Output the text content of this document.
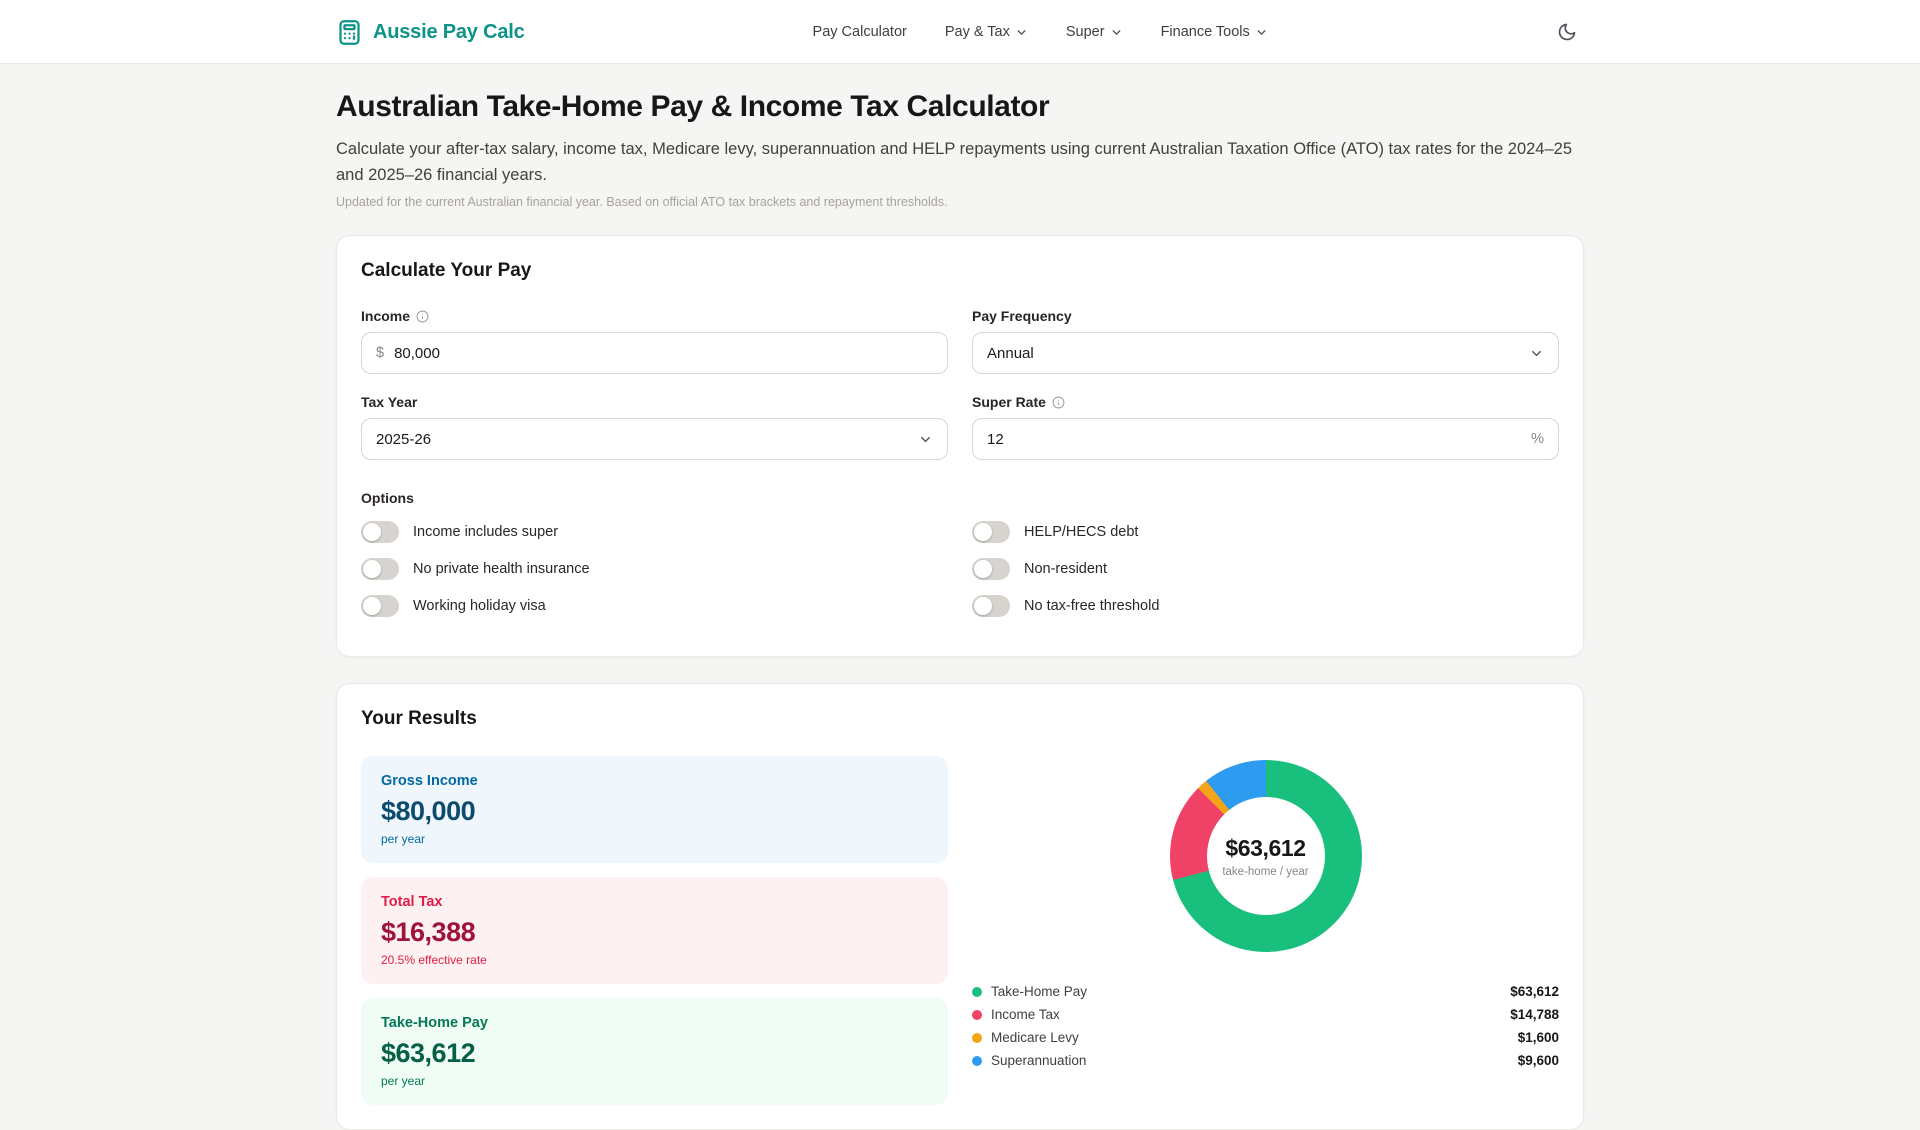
Aussie Pay Calc	Pay Calculator	Pay & Tax	Super	Finance Tools
Australian Take-Home Pay & Income Tax Calculator

Calculate your after-tax salary, income tax, Medicare levy, superannuation and HELP repayments using current Australian Taxation Office (ATO) tax rates for the 2024–25 and 2025–26 financial years.

Updated for the current Australian financial year. Based on official ATO tax brackets and repayment thresholds.

Calculate Your Pay
Income
$
80,000
Pay Frequency
Annual
Tax Year
2025-26
Super Rate
12
%
Options
Income includes super
No private health insurance
Working holiday visa
HELP/HECS debt
Non-resident
No tax-free threshold
Your Results
Gross Income
$80,000
per year
Total Tax
$16,388
20.5% effective rate
Take-Home Pay
$63,612
per year
$63,612
take-home / year
Take-Home Pay	$63,612
Income Tax	$14,788
Medicare Levy	$1,600
Superannuation	$9,600
